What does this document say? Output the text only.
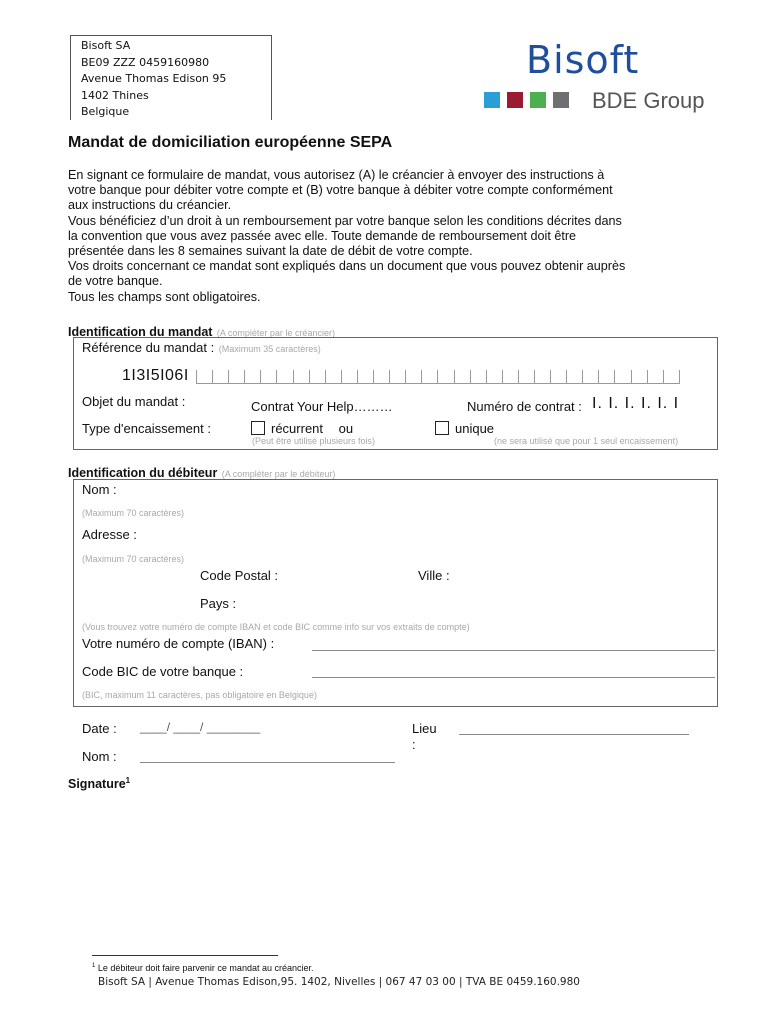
Bisoft SA
BE09 ZZZ 0459160980
Avenue Thomas Edison 95
1402 Thines
Belgique
Bisoft
BDE Group
Mandat de domiciliation européenne SEPA
En signant ce formulaire de mandat, vous autorisez (A) le créancier à envoyer des instructions à
votre banque pour débiter votre compte et (B) votre banque à débiter votre compte conformément
aux instructions du créancier.
Vous bénéficiez d’un droit à un remboursement par votre banque selon les conditions décrites dans
la convention que vous avez passée avec elle. Toute demande de remboursement doit être
présentée dans les 8 semaines suivant la date de débit de votre compte.
Vos droits concernant ce mandat sont expliqués dans un document que vous pouvez obtenir auprès
de votre banque.
Tous les champs sont obligatoires.
Identification du mandat (A compléter par le créancier)
Référence du mandat : (Maximum 35 caractères)
1I3I5I06I
Objet du mandat :	Contrat Your Help………	Numéro de contrat : I. I. I. I. I. I
Type d'encaissement :	récurrent ou	unique
(Peut être utilisé plusieurs fois)	(ne sera utilisé que pour 1 seul encaissement)
Identification du débiteur (A compléter par le débiteur)
Nom :
(Maximum 70 caractères)
Adresse :
(Maximum 70 caractères)
Code Postal :	Ville :
Pays :
(Vous trouvez votre numéro de compte IBAN et code BIC comme info sur vos extraits de compte)
Votre numéro de compte (IBAN) :
Code BIC de votre banque :
(BIC, maximum 11 caractères, pas obligatoire en Belgique)
Date : ____/ ____/ ________	Lieu
:
Nom :
Signature$^1$
$^1$ Le débiteur doit faire parvenir ce mandat au créancier.
Bisoft SA | Avenue Thomas Edison,95. 1402, Nivelles | 067 47 03 00 | TVA BE 0459.160.980
